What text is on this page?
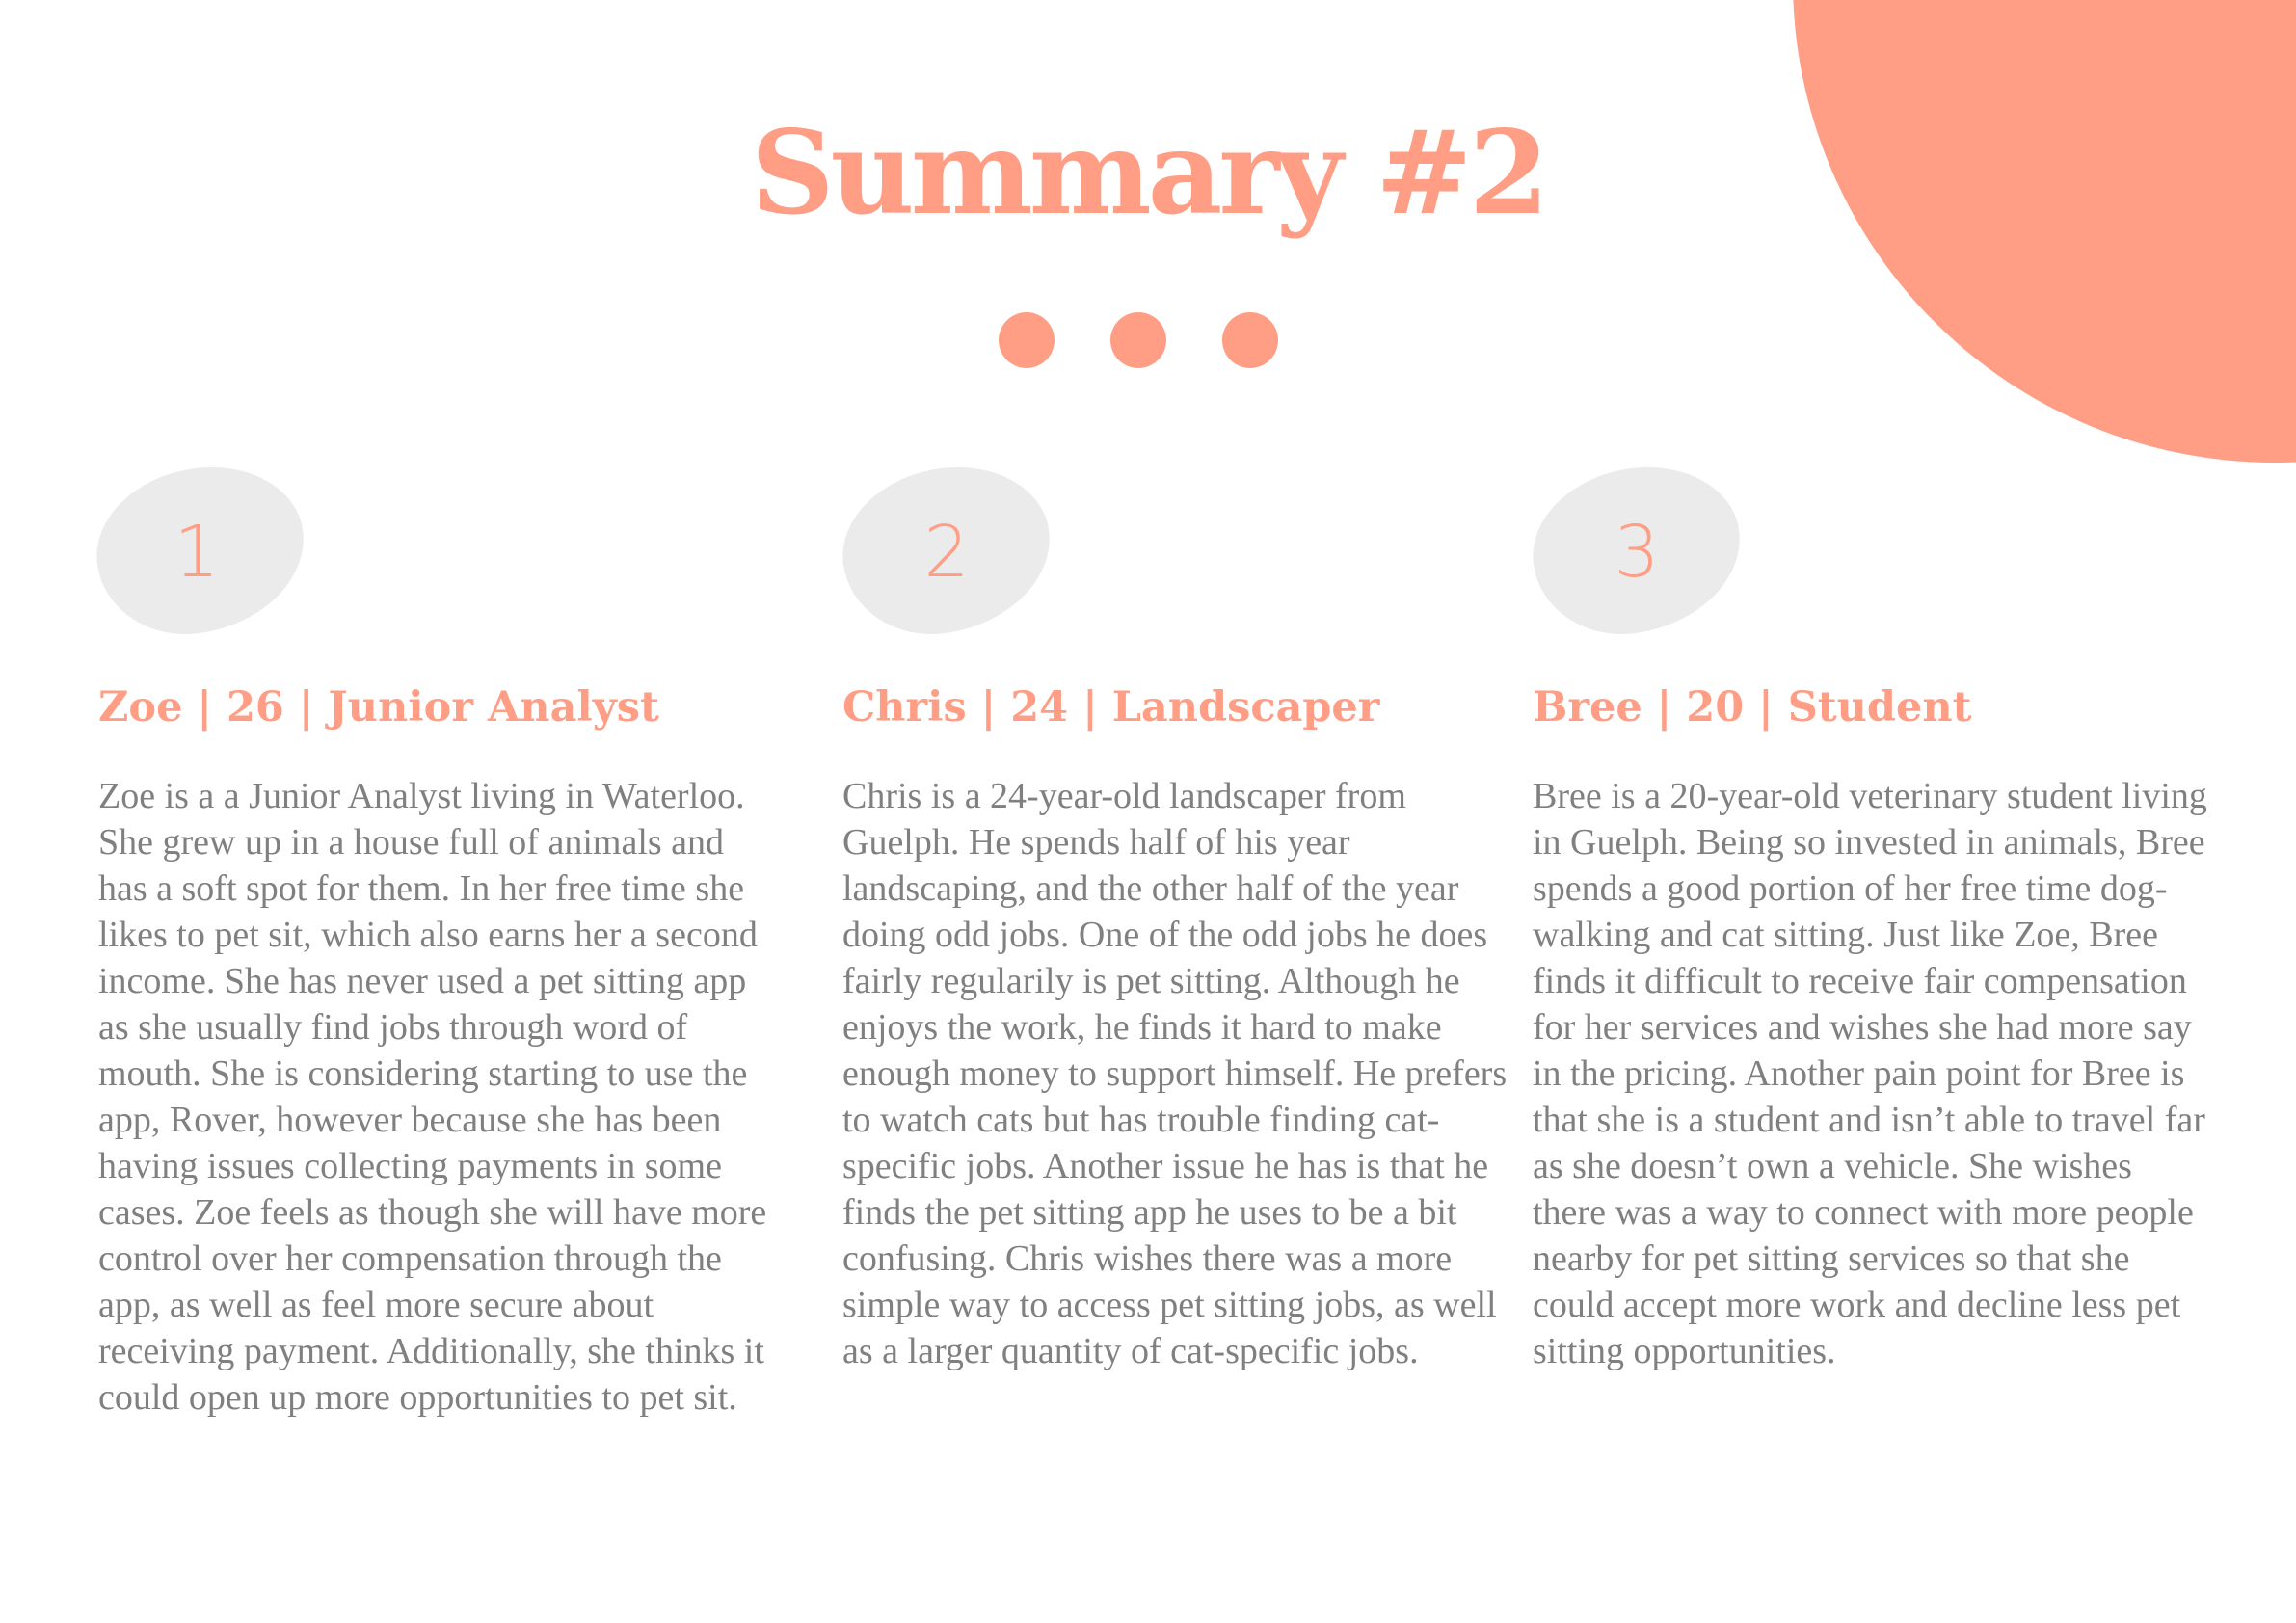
Summary #2
1
Zoe | 26 | Junior Analyst

Zoe is a a Junior Analyst living in Waterloo. She grew up in a house full of animals and has a soft spot for them. In her free time she likes to pet sit, which also earns her a second income. She has never used a pet sitting app as she usually find jobs through word of mouth. She is considering starting to use the app, Rover, however because she has been having issues collecting payments in some cases. Zoe feels as though she will have more control over her compensation through the app, as well as feel more secure about receiving payment. Additionally, she thinks it could open up more opportunities to pet sit.

2
Chris | 24 | Landscaper

Chris is a 24-year-old landscaper from Guelph. He spends half of his year landscaping, and the other half of the year doing odd jobs. One of the odd jobs he does fairly regularily is pet sitting. Although he enjoys the work, he finds it hard to make enough money to support himself. He prefers to watch cats but has trouble finding cat-specific jobs. Another issue he has is that he finds the pet sitting app he uses to be a bit confusing. Chris wishes there was a more simple way to access pet sitting jobs, as well as a larger quantity of cat-specific jobs.

3
Bree | 20 | Student

Bree is a 20-year-old veterinary student living in Guelph. Being so invested in animals, Bree spends a good portion of her free time dog-walking and cat sitting. Just like Zoe, Bree finds it difficult to receive fair compensation for her services and wishes she had more say in the pricing. Another pain point for Bree is that she is a student and isn’t able to travel far as she doesn’t own a vehicle. She wishes there was a way to connect with more people nearby for pet sitting services so that she could accept more work and decline less pet sitting opportunities.
